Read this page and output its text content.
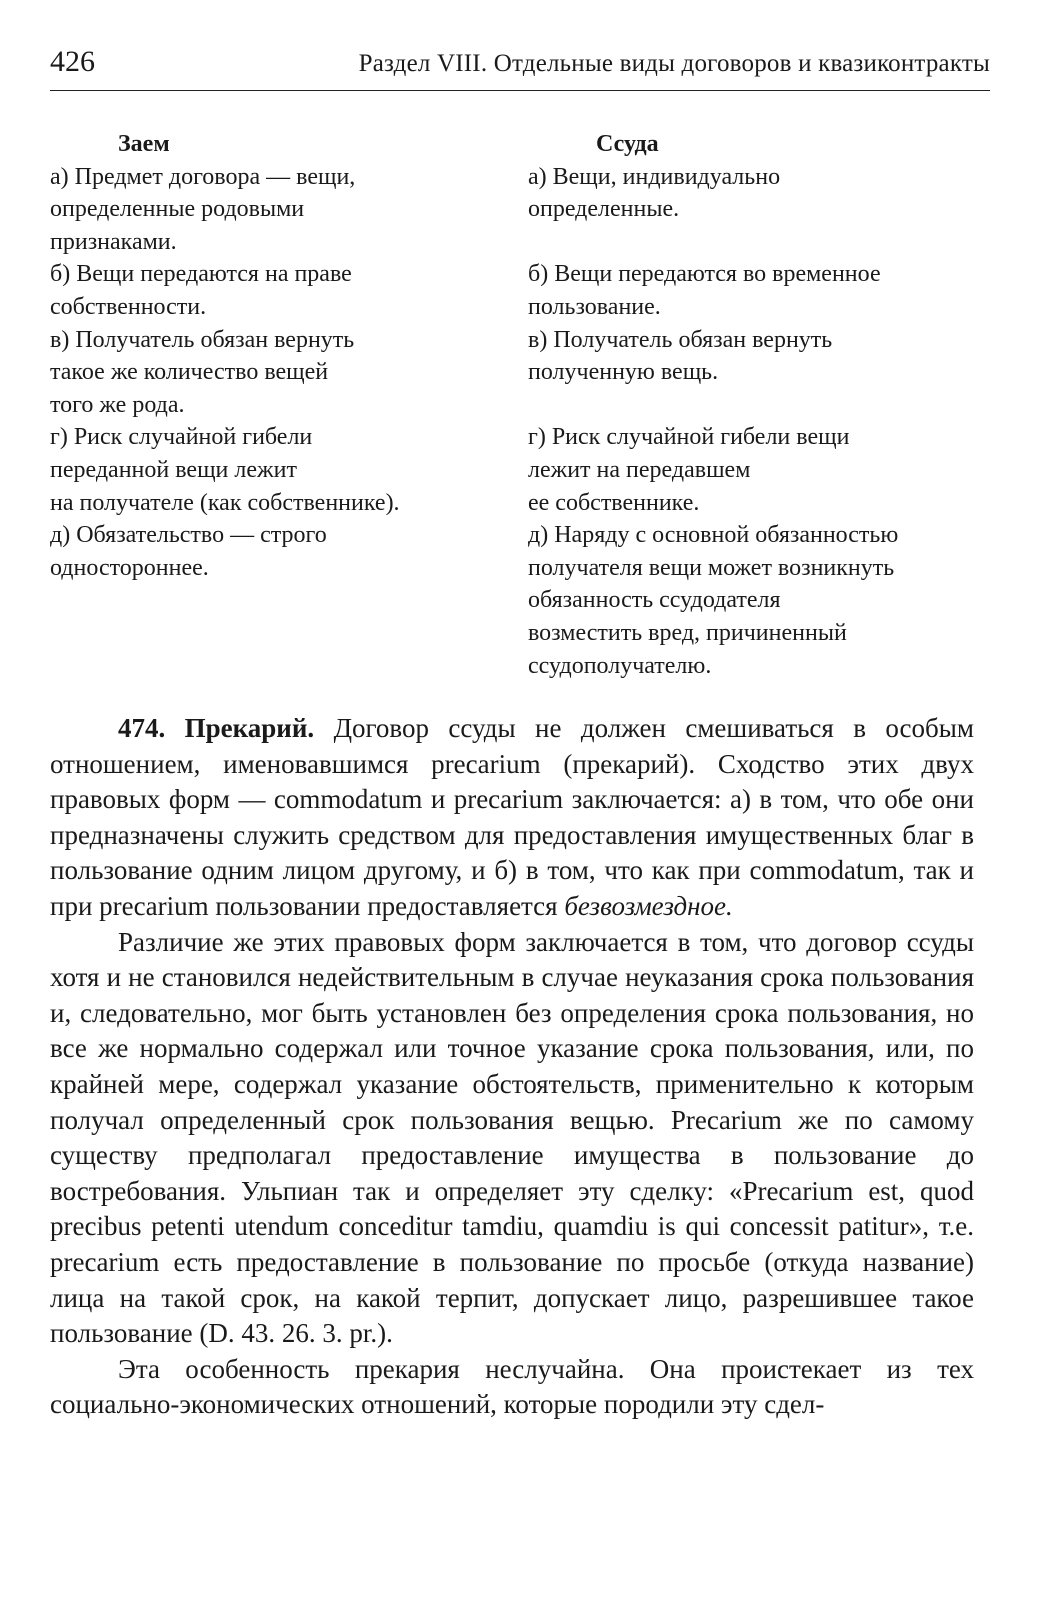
426	Раздел VIII. Отдельные виды договоров и квазиконтракты
Заем
а) Предмет договора — вещи,
определенные родовыми
признаками.
б) Вещи передаются на праве
собственности.
в) Получатель обязан вернуть
такое же количество вещей
того же рода.
г) Риск случайной гибели
переданной вещи лежит
на получателе (как собственнике).
д) Обязательство — строго
одностороннее.
Ссуда
а) Вещи, индивидуально
определенные.
б) Вещи передаются во временное
пользование.
в) Получатель обязан вернуть
полученную вещь.
г) Риск случайной гибели вещи
лежит на передавшем
ее собственнике.
д) Наряду с основной обязанностью
получателя вещи может возникнуть
обязанность ссудодателя
возместить вред, причиненный
ссудополучателю.

474. Прекарий. Договор ссуды не должен смешиваться в особым отношением, именовавшимся precarium (прекарий). Сходство этих двух правовых форм — commodatum и precarium заключается: а) в том, что обе они предназначены служить средством для предоставления имущественных благ в пользование одним лицом другому, и б) в том, что как при commodatum, так и при precarium пользовании предоставляется безвозмездное.

Различие же этих правовых форм заключается в том, что договор ссуды хотя и не становился недействительным в случае неуказания срока пользования и, следовательно, мог быть установлен без определения срока пользования, но все же нормально содержал или точное указание срока пользования, или, по крайней мере, содержал указание обстоятельств, применительно к которым получал определенный срок пользования вещью. Precarium же по самому существу предполагал предоставление имущества в пользование до востребования. Ульпиан так и определяет эту сделку: «Precarium est, quod precibus petenti utendum conceditur tamdiu, quamdiu is qui concessit patitur», т.е. precarium есть предоставление в пользование по просьбе (откуда название) лица на такой срок, на какой терпит, допускает лицо, разрешившее такое пользование (D. 43. 26. 3. pr.).

Эта особенность прекария неслучайна. Она проистекает из тех социально-экономических отношений, которые породили эту сдел-
